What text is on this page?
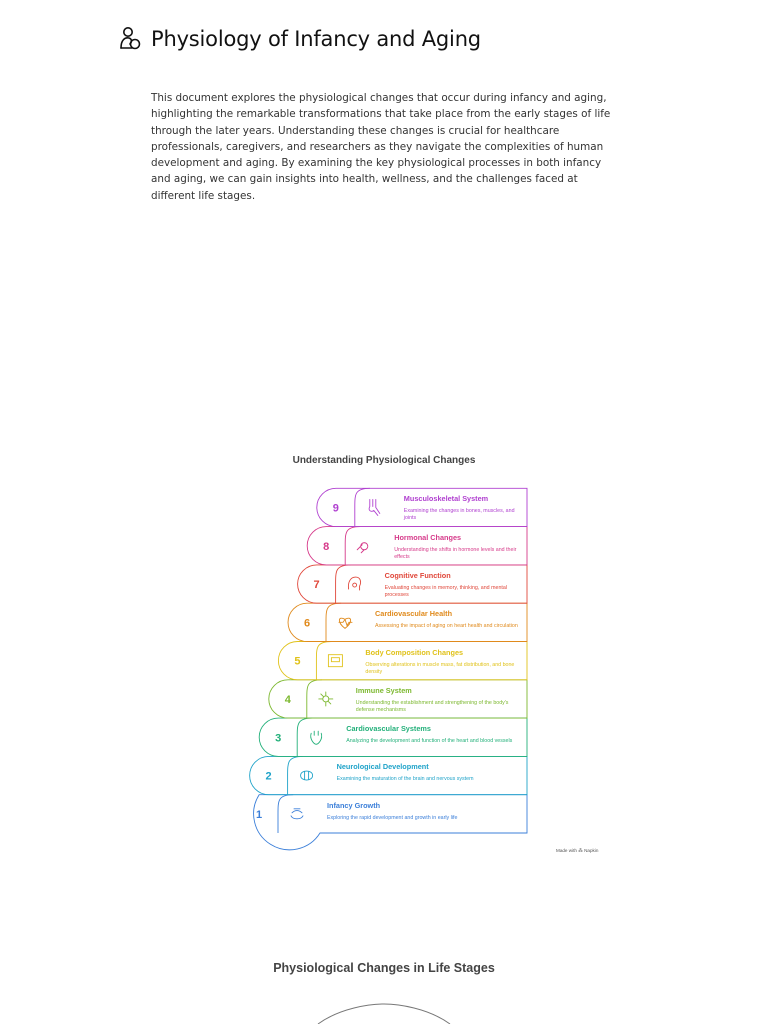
Physiology of Infancy and Aging

This document explores the physiological changes that occur during infancy and aging, highlighting the remarkable transformations that take place from the early stages of life through the later years. Understanding these changes is crucial for healthcare professionals, caregivers, and researchers as they navigate the complexities of human development and aging. By examining the key physiological processes in both infancy and aging, we can gain insights into health, wellness, and the challenges faced at different life stages.

Understanding Physiological Changes
1
2
3
4
5
6
7
8
9
Infancy Growth
Exploring the rapid development and growth in early life
Neurological Development
Examining the maturation of the brain and nervous system
Cardiovascular Systems
Analyzing the development and function of the heart and blood vessels
Immune System
Understanding the establishment and strengthening of the body's defense mechanisms
Body Composition Changes
Observing alterations in muscle mass, fat distribution, and bone density
Cardiovascular Health
Assessing the impact of aging on heart health and circulation
Cognitive Function
Evaluating changes in memory, thinking, and mental processes
Hormonal Changes
Understanding the shifts in hormone levels and their effects
Musculoskeletal System
Examining the changes in bones, muscles, and joints
Made with ⁂ Napkin
Physiological Changes in Life Stages
